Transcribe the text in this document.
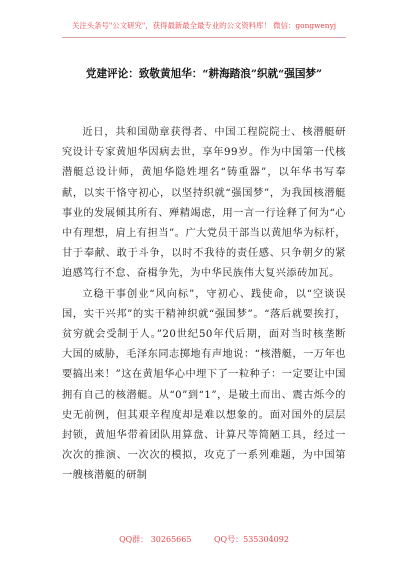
关注头条号"公文研究"，获得最新最全最专业的公文资料库！ 微信：gongwenyj
党建评论：致敬黄旭华：“耕海踏浪”织就“强国梦”

近日，共和国勋章获得者、中国工程院院士、核潜艇研究设计专家黄旭华因病去世，享年99岁。作为中国第一代核潜艇总设计师，黄旭华隐姓埋名“铸重器”，以年华书写奉献，以实干恪守初心，以坚持织就“强国梦”，为我国核潜艇事业的发展倾其所有、殚精竭虑，用一言一行诠释了何为“心中有理想，肩上有担当”。广大党员干部当以黄旭华为标杆，甘于奉献、敢于斗争，以时不我待的责任感、只争朝夕的紧迫感笃行不怠、奋楫争先，为中华民族伟大复兴添砖加瓦。

立稳干事创业“风向标”，守初心、践使命，以“空谈误国，实干兴邦”的实干精神织就“强国梦”。“落后就要挨打，贫穷就会受制于人。”20世纪50年代后期，面对当时核垄断大国的威胁，毛泽东同志掷地有声地说：“核潜艇，一万年也要搞出来！”这在黄旭华心中埋下了一粒种子：一定要让中国拥有自己的核潜艇。从“0”到“1”，是破土而出、震古烁今的史无前例，但其艰辛程度却是难以想象的。面对国外的层层封锁，黄旭华带着团队用算盘、计算尺等简陋工具，经过一次次的推演、一次次的模拟，攻克了一系列难题，为中国第一艘核潜艇的研制

QQ群： 30265665	QQ号：535304092
